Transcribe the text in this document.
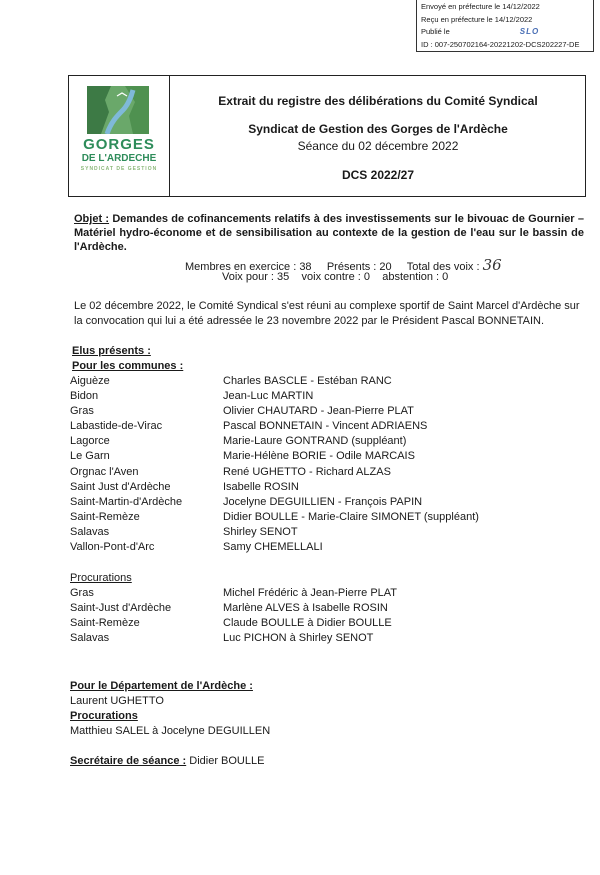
Envoyé en préfecture le 14/12/2022
Reçu en préfecture le 14/12/2022
Publié le	SLO
ID : 007-250702164-20221202-DCS202227-DE
GORGES
DE L'ARDECHE
SYNDICAT DE GESTION
Extrait du registre des délibérations du Comité Syndical
Syndicat de Gestion des Gorges de l'Ardèche
Séance du 02 décembre 2022
DCS 2022/27
Objet : Demandes de cofinancements relatifs à des investissements sur le bivouac de Gournier – Matériel hydro-économe et de sensibilisation au contexte de la gestion de l'eau sur le bassin de l'Ardèche.
Membres en exercice : 38 Présents : 20 Total des voix : 36
Voix pour : 35 voix contre : 0 abstention : 0
Le 02 décembre 2022, le Comité Syndical s'est réuni au complexe sportif de Saint Marcel d'Ardèche sur la convocation qui lui a été adressée le 23 novembre 2022 par le Président Pascal BONNETAIN.
Elus présents :
Pour les communes :
Aiguèze	Charles BASCLE - Estéban RANC
Bidon	Jean-Luc MARTIN
Gras	Olivier CHAUTARD - Jean-Pierre PLAT
Labastide-de-Virac	Pascal BONNETAIN - Vincent ADRIAENS
Lagorce	Marie-Laure GONTRAND (suppléant)
Le Garn	Marie-Hélène BORIE - Odile MARCAIS
Orgnac l'Aven	René UGHETTO - Richard ALZAS
Saint Just d'Ardèche	Isabelle ROSIN
Saint-Martin-d'Ardèche	Jocelyne DEGUILLIEN - François PAPIN
Saint-Remèze	Didier BOULLE - Marie-Claire SIMONET (suppléant)
Salavas	Shirley SENOT
Vallon-Pont-d'Arc	Samy CHEMELLALI
Procurations
Gras	Michel Frédéric à Jean-Pierre PLAT
Saint-Just d'Ardèche	Marlène ALVES à Isabelle ROSIN
Saint-Remèze	Claude BOULLE à Didier BOULLE
Salavas	Luc PICHON à Shirley SENOT
Pour le Département de l'Ardèche :
Laurent UGHETTO
Procurations
Matthieu SALEL à Jocelyne DEGUILLEN
Secrétaire de séance : Didier BOULLE
